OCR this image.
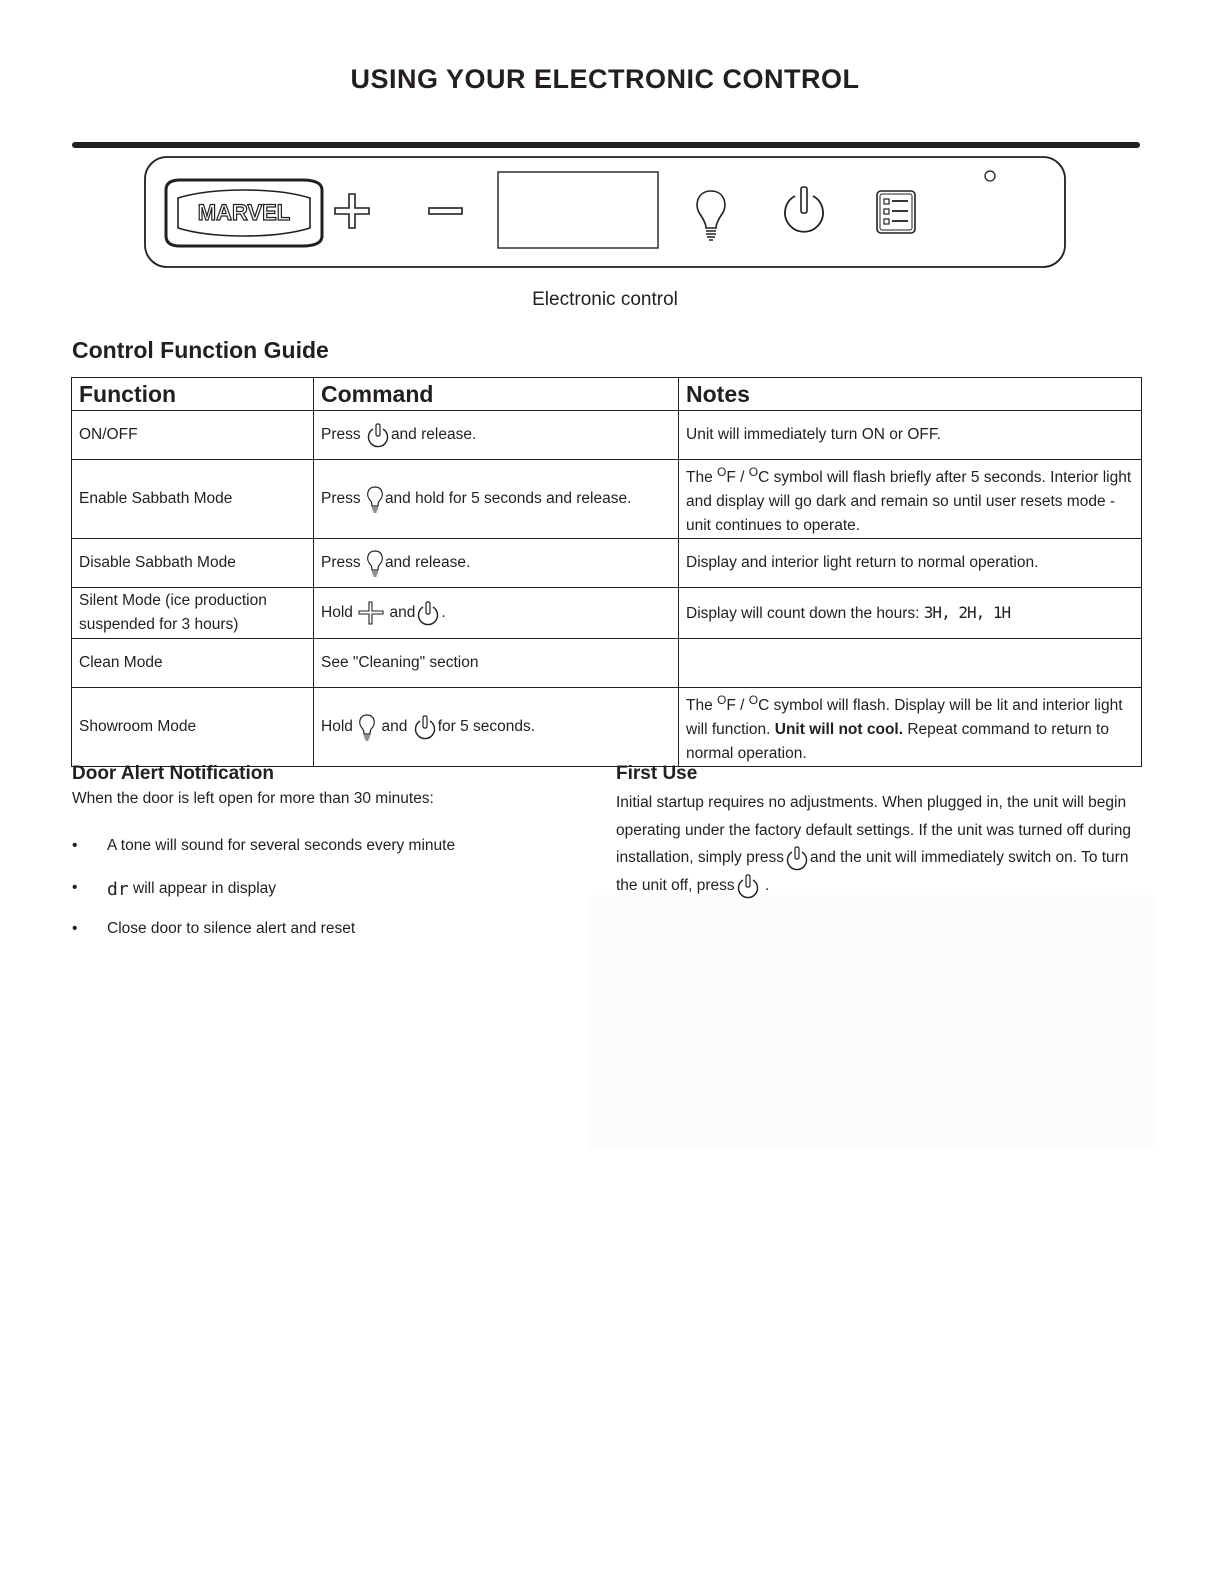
USING YOUR ELECTRONIC CONTROL
MARVEL
Electronic control
Control Function Guide
Function	Command	Notes
ON/OFF	Press and release.	Unit will immediately turn ON or OFF.
Enable Sabbath Mode	Press and hold for 5 seconds and release.	The $^O$F / $^O$C symbol will flash briefly after 5 seconds. Interior light and display will go dark and remain so until user resets mode - unit continues to operate.
Disable Sabbath Mode	Press and release.	Display and interior light return to normal operation.
Silent Mode (ice production
suspended for 3 hours)	Hold and .	Display will count down the hours: 3H, 2H, 1H
Clean Mode	See "Cleaning" section	
Showroom Mode	Hold and for 5 seconds.	The $^O$F / $^O$C symbol will flash. Display will be lit and interior light will function. Unit will not cool. Repeat command to return to normal operation.
Door Alert Notification
When the door is left open for more than 30 minutes:
• A tone will sound for several seconds every minute
• dr will appear in display
• Close door to silence alert and reset
First Use
Initial startup requires no adjustments. When plugged in, the unit will begin operating under the factory default settings. If the unit was turned off during installation, simply press and the unit will immediately switch on. To turn the unit off, press .
